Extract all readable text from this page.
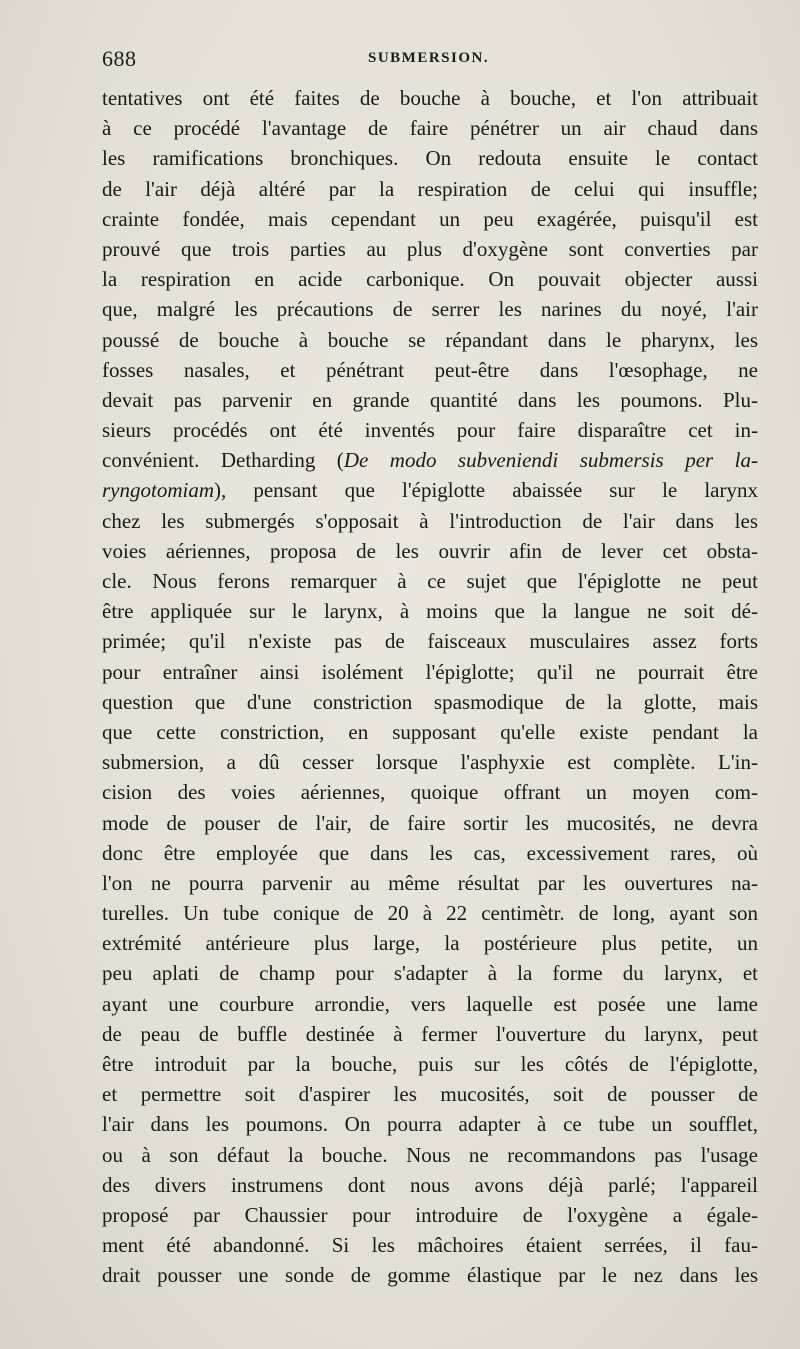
688	SUBMERSION.
tentatives ont été faites de bouche à bouche, et l'on attribuait
à ce procédé l'avantage de faire pénétrer un air chaud dans
les ramifications bronchiques. On redouta ensuite le contact
de l'air déjà altéré par la respiration de celui qui insuffle;
crainte fondée, mais cependant un peu exagérée, puisqu'il est
prouvé que trois parties au plus d'oxygène sont converties par
la respiration en acide carbonique. On pouvait objecter aussi
que, malgré les précautions de serrer les narines du noyé, l'air
poussé de bouche à bouche se répandant dans le pharynx, les
fosses nasales, et pénétrant peut-être dans l'œsophage, ne
devait pas parvenir en grande quantité dans les poumons. Plu-
sieurs procédés ont été inventés pour faire disparaître cet in-
convénient. Detharding (De modo subveniendi submersis per la-
ryngotomiam), pensant que l'épiglotte abaissée sur le larynx
chez les submergés s'opposait à l'introduction de l'air dans les
voies aériennes, proposa de les ouvrir afin de lever cet obsta-
cle. Nous ferons remarquer à ce sujet que l'épiglotte ne peut
être appliquée sur le larynx, à moins que la langue ne soit dé-
primée; qu'il n'existe pas de faisceaux musculaires assez forts
pour entraîner ainsi isolément l'épiglotte; qu'il ne pourrait être
question que d'une constriction spasmodique de la glotte, mais
que cette constriction, en supposant qu'elle existe pendant la
submersion, a dû cesser lorsque l'asphyxie est complète. L'in-
cision des voies aériennes, quoique offrant un moyen com-
mode de pouser de l'air, de faire sortir les mucosités, ne devra
donc être employée que dans les cas, excessivement rares, où
l'on ne pourra parvenir au même résultat par les ouvertures na-
turelles. Un tube conique de 20 à 22 centimètr. de long, ayant son
extrémité antérieure plus large, la postérieure plus petite, un
peu aplati de champ pour s'adapter à la forme du larynx, et
ayant une courbure arrondie, vers laquelle est posée une lame
de peau de buffle destinée à fermer l'ouverture du larynx, peut
être introduit par la bouche, puis sur les côtés de l'épiglotte,
et permettre soit d'aspirer les mucosités, soit de pousser de
l'air dans les poumons. On pourra adapter à ce tube un soufflet,
ou à son défaut la bouche. Nous ne recommandons pas l'usage
des divers instrumens dont nous avons déjà parlé; l'appareil
proposé par Chaussier pour introduire de l'oxygène a égale-
ment été abandonné. Si les mâchoires étaient serrées, il fau-
drait pousser une sonde de gomme élastique par le nez dans les
